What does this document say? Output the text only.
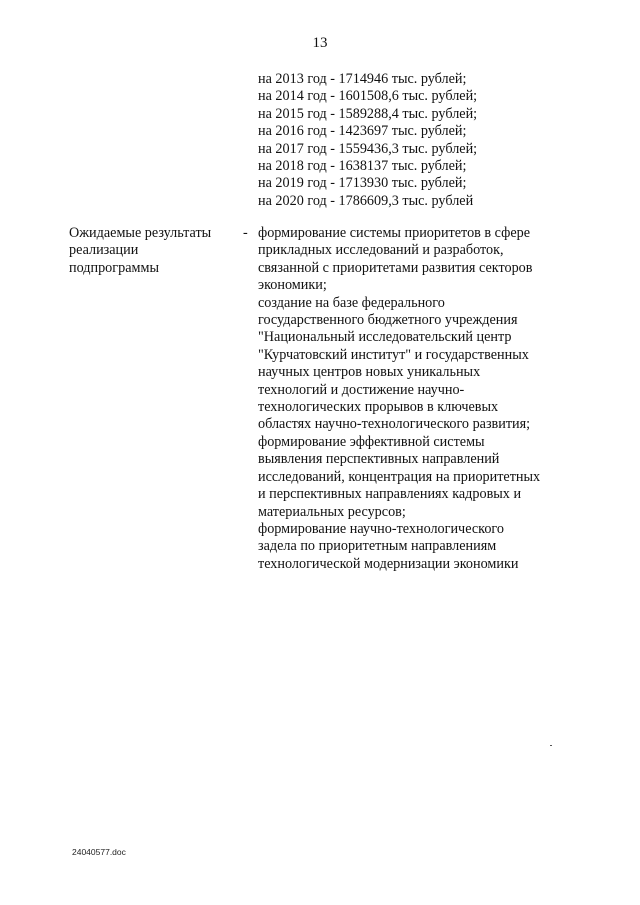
13
на 2013 год - 1714946 тыс. рублей;
на 2014 год - 1601508,6 тыс. рублей;
на 2015 год - 1589288,4 тыс. рублей;
на 2016 год - 1423697 тыс. рублей;
на 2017 год - 1559436,3 тыс. рублей;
на 2018 год - 1638137 тыс. рублей;
на 2019 год - 1713930 тыс. рублей;
на 2020 год - 1786609,3 тыс. рублей
Ожидаемые результаты
реализации
подпрограммы
- формирование системы приоритетов в сфере
прикладных исследований и разработок,
связанной с приоритетами развития секторов
экономики;
создание на базе федерального
государственного бюджетного учреждения
"Национальный исследовательский центр
"Курчатовский институт" и государственных
научных центров новых уникальных
технологий и достижение научно-
технологических прорывов в ключевых
областях научно-технологического развития;
формирование эффективной системы
выявления перспективных направлений
исследований, концентрация на приоритетных
и перспективных направлениях кадровых и
материальных ресурсов;
формирование научно-технологического
задела по приоритетным направлениям
технологической модернизации экономики
24040577.doc
